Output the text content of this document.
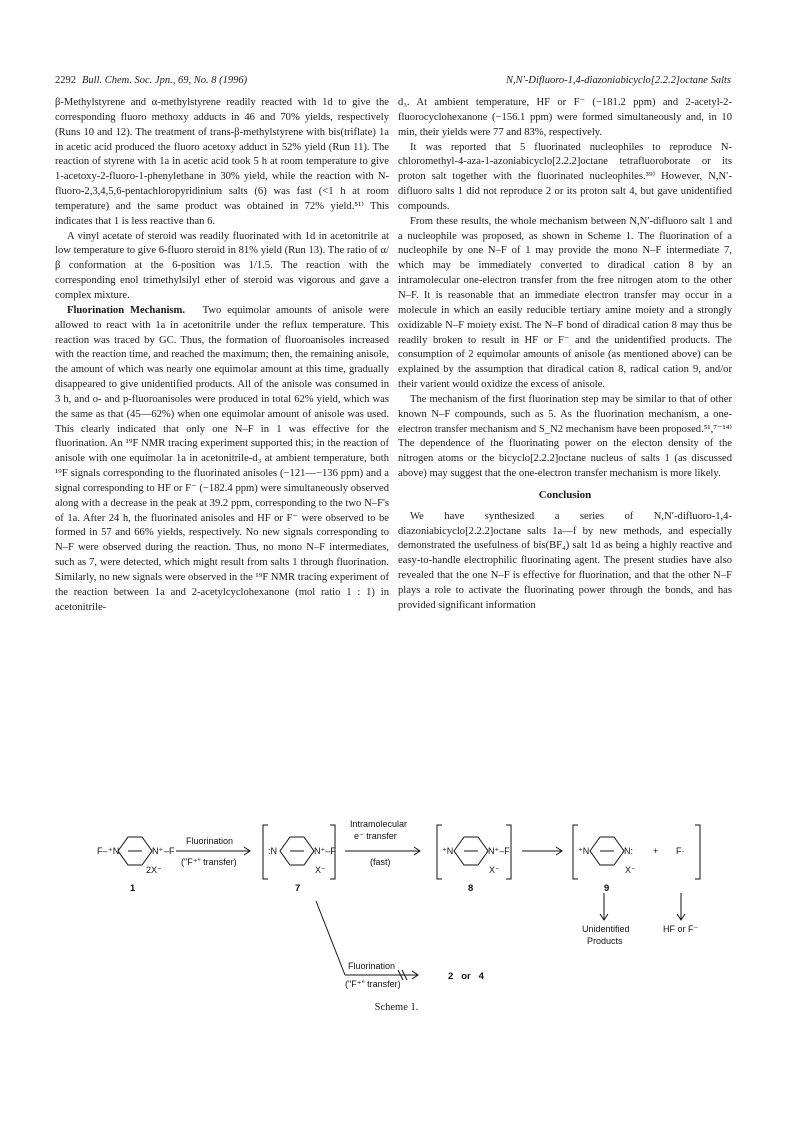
2292 Bull. Chem. Soc. Jpn., 69, No. 8 (1996)	N,N′-Difluoro-1,4-diazoniabicyclo[2.2.2]octane Salts

β-Methylstyrene and α-methylstyrene readily reacted with 1d to give the corresponding fluoro methoxy adducts in 46 and 70% yields, respectively (Runs 10 and 12). The treatment of trans-β-methylstyrene with bis(triflate) 1a in acetic acid produced the fluoro acetoxy adduct in 52% yield (Run 11). The reaction of styrene with 1a in acetic acid took 5 h at room temperature to give 1-acetoxy-2-fluoro-1-phenylethane in 30% yield, while the reaction with N-fluoro-2,3,4,5,6-pentachloropyridinium salts (6) was fast (<1 h at room temperature) and the same product was obtained in 72% yield.⁵¹⁾ This indicates that 1 is less reactive than 6.

A vinyl acetate of steroid was readily fluorinated with 1d in acetonitrile at low temperature to give 6-fluoro steroid in 81% yield (Run 13). The ratio of α/β conformation at the 6-position was 1/1.5. The reaction with the corresponding enol trimethylsilyl ether of steroid was vigorous and gave a complex mixture.

Fluorination Mechanism. Two equimolar amounts of anisole were allowed to react with 1a in acetonitrile under the reflux temperature. This reaction was traced by GC. Thus, the formation of fluoroanisoles increased with the reaction time, and reached the maximum; then, the remaining anisole, the amount of which was nearly one equimolar amount at this time, gradually disappeared to give unidentified products. All of the anisole was consumed in 3 h, and o- and p-fluoroanisoles were produced in total 62% yield, which was the same as that (45—62%) when one equimolar amount of anisole was used. This clearly indicated that only one N–F in 1 was effective for the fluorination. An ¹⁹F NMR tracing experiment supported this; in the reaction of anisole with one equimolar 1a in acetonitrile-d₃ at ambient temperature, both ¹⁹F signals corresponding to the fluorinated anisoles (−121—−136 ppm) and a signal corresponding to HF or F⁻ (−182.4 ppm) were simultaneously observed along with a decrease in the peak at 39.2 ppm, corresponding to the two N–F's of 1a. After 24 h, the fluorinated anisoles and HF or F⁻ were observed to be formed in 57 and 66% yields, respectively. No new signals corresponding to N–F were observed during the reaction. Thus, no mono N–F intermediates, such as 7, were detected, which might result from salts 1 through fluorination. Similarly, no new signals were observed in the ¹⁹F NMR tracing experiment of the reaction between 1a and 2-acetylcyclohexanone (mol ratio 1 : 1) in acetonitrile-

d₃. At ambient temperature, HF or F⁻ (−181.2 ppm) and 2-acetyl-2-fluorocyclohexanone (−156.1 ppm) were formed simultaneously and, in 10 min, their yields were 77 and 83%, respectively.

It was reported that 5 fluorinated nucleophiles to reproduce N-chloromethyl-4-aza-1-azoniabicyclo[2.2.2]octane tetrafluoroborate or its proton salt together with the fluorinated nucleophiles.³⁹⁾ However, N,N′-difluoro salts 1 did not reproduce 2 or its proton salt 4, but gave unidentified compounds.

From these results, the whole mechanism between N,N′-difluoro salt 1 and a nucleophile was proposed, as shown in Scheme 1. The fluorination of a nucleophile by one N–F of 1 may provide the mono N–F intermediate 7, which may be immediately converted to diradical cation 8 by an intramolecular one-electron transfer from the free nitrogen atom to the other N–F. It is reasonable that an immediate electron transfer may occur in a molecule in which an easily reducible tertiary amine moiety and a strongly oxidizable N–F moiety exist. The N–F bond of diradical cation 8 may thus be readily broken to result in HF or F⁻ and the unidentified products. The consumption of 2 equimolar amounts of anisole (as mentioned above) can be explained by the assumption that diradical cation 8, radical cation 9, and/or their varient would oxidize the excess of anisole.

The mechanism of the first fluorination step may be similar to that of other known N–F compounds, such as 5. As the fluorination mechanism, a one-electron transfer mechanism and S_N2 mechanism have been proposed.⁵¹,⁷⁻¹⁴⁾ The dependence of the fluorinating power on the electon density of the nitrogen atoms or the bicyclo[2.2.2]octane nucleus of salts 1 (as discussed above) may suggest that the one-electron transfer mechanism is more likely.

Conclusion

We have synthesized a series of N,N′-difluoro-1,4-diazoniabicyclo[2.2.2]octane salts 1a—f by new methods, and especially demonstrated the usefulness of bis(BF₄) salt 1d as being a highly reactive and easy-to-handle electrophilic fluorinating agent. The present studies have also revealed that the one N–F is effective for fluorination, and that the other N–F plays a role to activate the fluorinating power through the bonds, and has provided significant information

F– ⁺N	N⁺ –F
2X⁻
1
Fluorination
("F⁺" transfer)
:N	N⁺–F
X⁻
7
Intramolecular
e⁻ transfer
(fast)
⁺N	N⁺–F
X⁻
8
⁺N	N:
X⁻
9
+ F·
Unidentified
Products
HF or F⁻
Fluorination
("F⁺" transfer)
2   or   4
Scheme 1.
